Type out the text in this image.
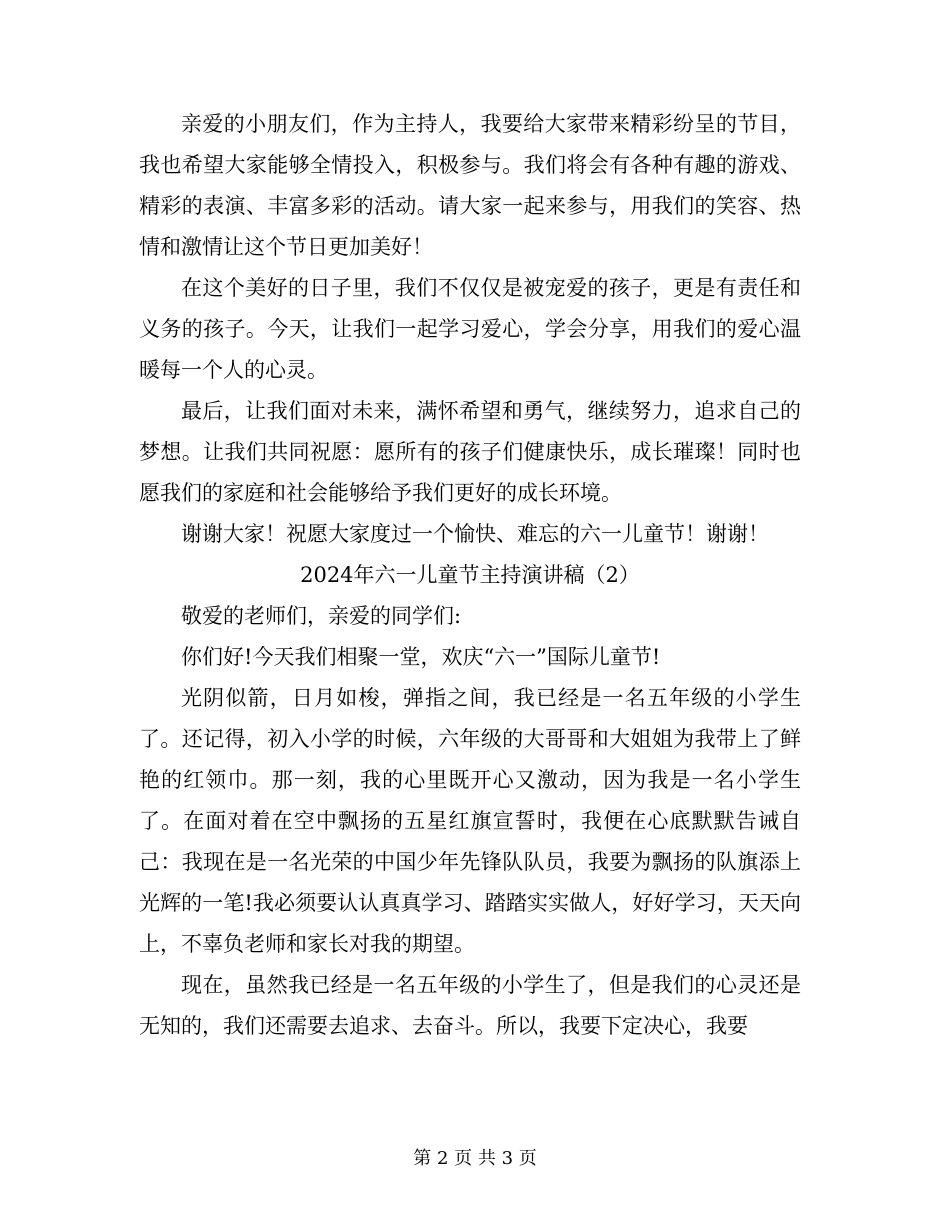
亲爱的小朋友们，作为主持人，我要给大家带来精彩纷呈的节目，我也希望大家能够全情投入，积极参与。我们将会有各种有趣的游戏、精彩的表演、丰富多彩的活动。请大家一起来参与，用我们的笑容、热情和激情让这个节日更加美好！

在这个美好的日子里，我们不仅仅是被宠爱的孩子，更是有责任和义务的孩子。今天，让我们一起学习爱心，学会分享，用我们的爱心温暖每一个人的心灵。

最后，让我们面对未来，满怀希望和勇气，继续努力，追求自己的梦想。让我们共同祝愿：愿所有的孩子们健康快乐，成长璀璨！同时也愿我们的家庭和社会能够给予我们更好的成长环境。

谢谢大家！祝愿大家度过一个愉快、难忘的六一儿童节！谢谢！

2024年六一儿童节主持演讲稿（2）

敬爱的老师们，亲爱的同学们:

你们好!今天我们相聚一堂，欢庆“六一”国际儿童节!

光阴似箭，日月如梭，弹指之间，我已经是一名五年级的小学生了。还记得，初入小学的时候，六年级的大哥哥和大姐姐为我带上了鲜艳的红领巾。那一刻，我的心里既开心又激动，因为我是一名小学生了。在面对着在空中飘扬的五星红旗宣誓时，我便在心底默默告诫自己：我现在是一名光荣的中国少年先锋队队员，我要为飘扬的队旗添上光辉的一笔!我必须要认认真真学习、踏踏实实做人，好好学习，天天向上，不辜负老师和家长对我的期望。

现在，虽然我已经是一名五年级的小学生了，但是我们的心灵还是无知的，我们还需要去追求、去奋斗。所以，我要下定决心，我要

第 2 页 共 3 页
